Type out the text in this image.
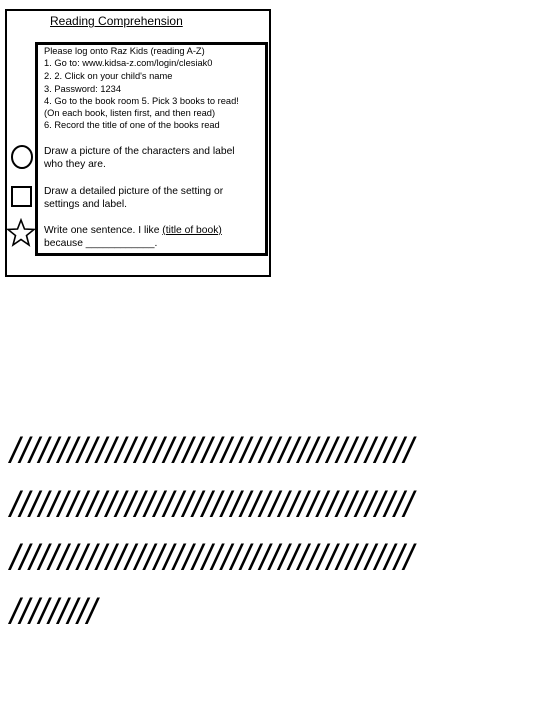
Reading Comprehension
Please log onto Raz Kids (reading A-Z)
1. Go to: www.kidsa-z.com/login/clesiak0
2. 2. Click on your child's name
3. Password: 1234
4. Go to the book room 5. Pick 3 books to read!
(On each book, listen first, and then read)
6. Record the title of one of the books read
Draw a picture of the characters and label
who they are.
Draw a detailed picture of the setting or
settings and label.
Write one sentence. I like (title of book)
because ____________.
//////////////////////////////////////////
//////////////////////////////////////////
//////////////////////////////////////////
/////////
